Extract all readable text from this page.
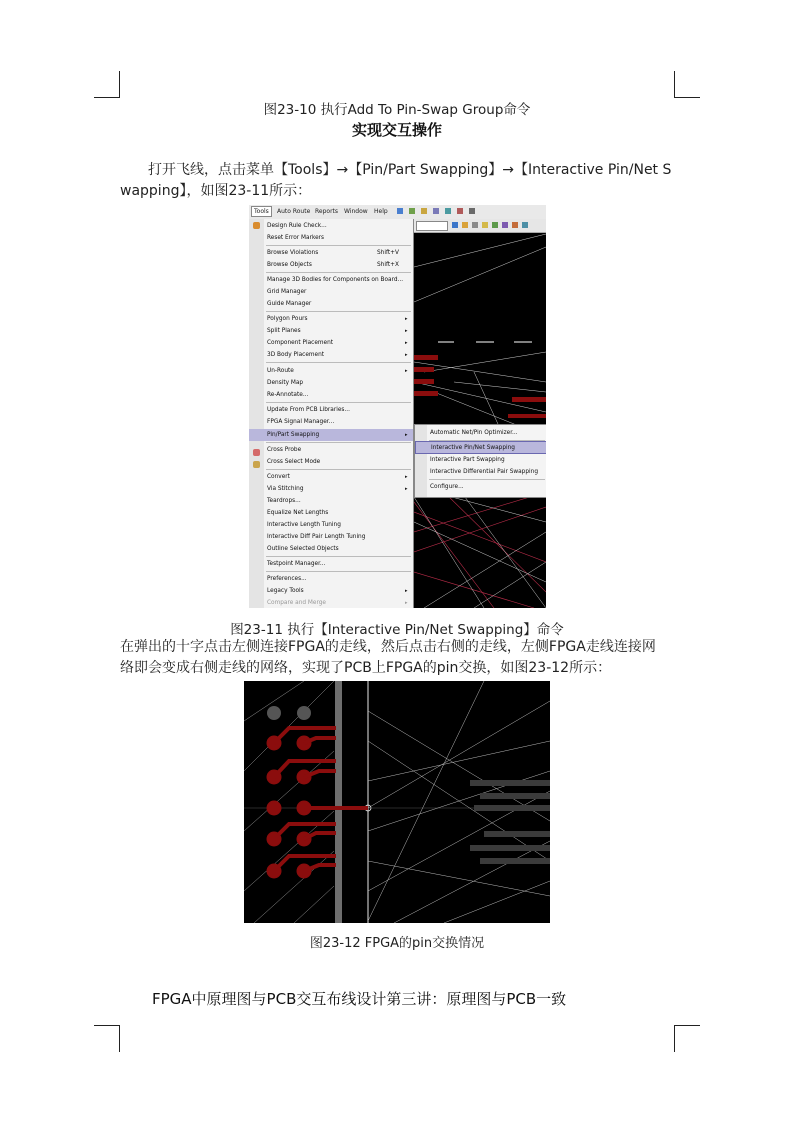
图23-10 执行Add To Pin-Swap Group命令
实现交互操作
打开飞线，点击菜单【Tools】→【Pin/Part Swapping】→【Interactive Pin/Net S
wapping】，如图23-11所示：
Tools	Auto Route Reports Window Help
Design Rule Check...
Reset Error Markers
Browse Violations	Shift+V
Browse Objects	Shift+X
Manage 3D Bodies for Components on Board...
Grid Manager
Guide Manager
Polygon Pours	▸
Split Planes	▸
Component Placement	▸
3D Body Placement	▸
Un-Route	▸
Density Map
Re-Annotate...
Update From PCB Libraries...
FPGA Signal Manager...
Pin/Part Swapping	▸
Cross Probe
Cross Select Mode
Convert	▸
Via Stitching	▸
Teardrops...
Equalize Net Lengths
Interactive Length Tuning
Interactive Diff Pair Length Tuning
Outline Selected Objects
Testpoint Manager...
Preferences...
Legacy Tools	▸
Compare and Merge	▸
Automatic Net/Pin Optimizer...
Interactive Pin/Net Swapping
Interactive Part Swapping
Interactive Differential Pair Swapping
Configure...
图23-11 执行【Interactive Pin/Net Swapping】命令
在弹出的十字点击左侧连接FPGA的走线，然后点击右侧的走线，左侧FPGA走线连接网
络即会变成右侧走线的网络，实现了PCB上FPGA的pin交换，如图23-12所示：
图23-12 FPGA的pin交换情况
FPGA中原理图与PCB交互布线设计第三讲：原理图与PCB一致
